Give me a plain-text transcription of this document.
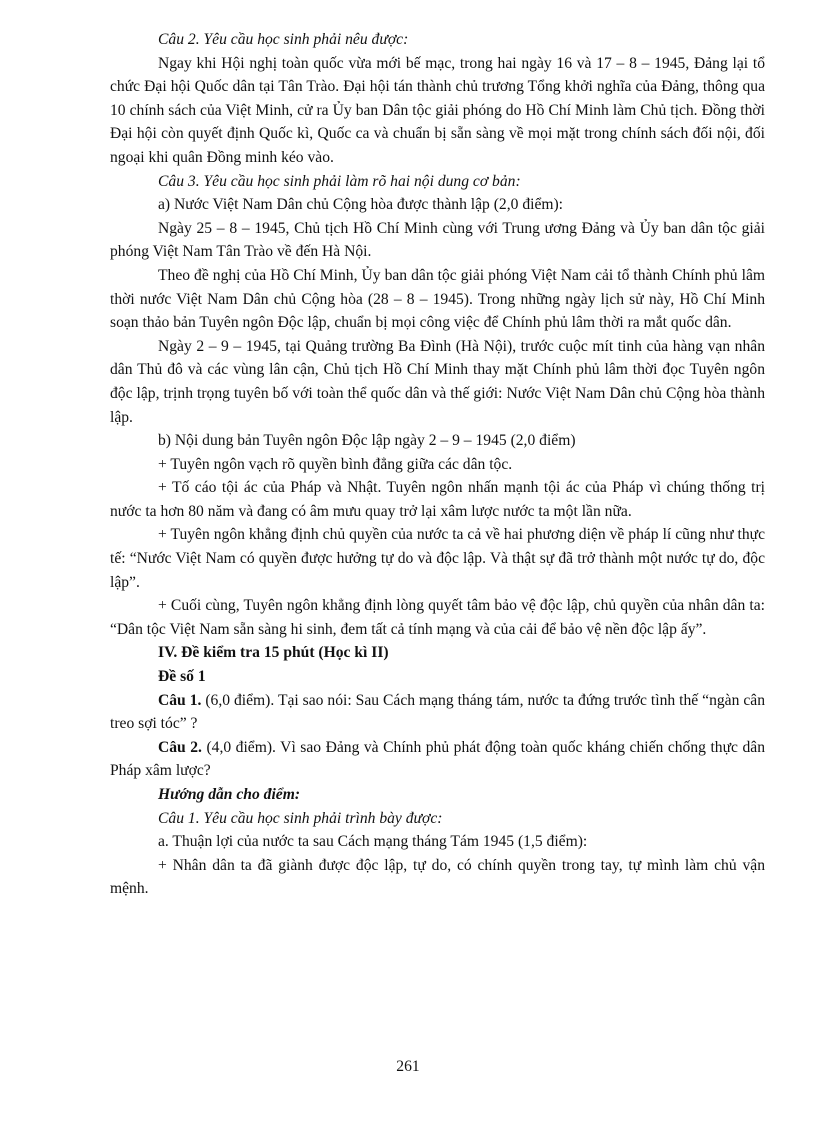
Câu 2. Yêu cầu học sinh phải nêu được:

Ngay khi Hội nghị toàn quốc vừa mới bế mạc, trong hai ngày 16 và 17 – 8 – 1945, Đảng lại tổ chức Đại hội Quốc dân tại Tân Trào. Đại hội tán thành chủ trương Tổng khởi nghĩa của Đảng, thông qua 10 chính sách của Việt Minh, cử ra Ủy ban Dân tộc giải phóng do Hồ Chí Minh làm Chủ tịch. Đồng thời Đại hội còn quyết định Quốc kì, Quốc ca và chuẩn bị sẵn sàng về mọi mặt trong chính sách đối nội, đối ngoại khi quân Đồng minh kéo vào.

Câu 3. Yêu cầu học sinh phải làm rõ hai nội dung cơ bản:

a) Nước Việt Nam Dân chủ Cộng hòa được thành lập (2,0 điểm):

Ngày 25 – 8 – 1945, Chủ tịch Hồ Chí Minh cùng với Trung ương Đảng và Ủy ban dân tộc giải phóng Việt Nam Tân Trào về đến Hà Nội.

Theo đề nghị của Hồ Chí Minh, Ủy ban dân tộc giải phóng Việt Nam cải tổ thành Chính phủ lâm thời nước Việt Nam Dân chủ Cộng hòa (28 – 8 – 1945). Trong những ngày lịch sử này, Hồ Chí Minh soạn thảo bản Tuyên ngôn Độc lập, chuẩn bị mọi công việc để Chính phủ lâm thời ra mắt quốc dân.

Ngày 2 – 9 – 1945, tại Quảng trường Ba Đình (Hà Nội), trước cuộc mít tinh của hàng vạn nhân dân Thủ đô và các vùng lân cận, Chủ tịch Hồ Chí Minh thay mặt Chính phủ lâm thời đọc Tuyên ngôn độc lập, trịnh trọng tuyên bố với toàn thể quốc dân và thế giới: Nước Việt Nam Dân chủ Cộng hòa thành lập.

b) Nội dung bản Tuyên ngôn Độc lập ngày 2 – 9 – 1945 (2,0 điểm)

+ Tuyên ngôn vạch rõ quyền bình đẳng giữa các dân tộc.

+ Tố cáo tội ác của Pháp và Nhật. Tuyên ngôn nhấn mạnh tội ác của Pháp vì chúng thống trị nước ta hơn 80 năm và đang có âm mưu quay trở lại xâm lược nước ta một lần nữa.

+ Tuyên ngôn khẳng định chủ quyền của nước ta cả về hai phương diện về pháp lí cũng như thực tế: “Nước Việt Nam có quyền được hưởng tự do và độc lập. Và thật sự đã trở thành một nước tự do, độc lập”.

+ Cuối cùng, Tuyên ngôn khẳng định lòng quyết tâm bảo vệ độc lập, chủ quyền của nhân dân ta: “Dân tộc Việt Nam sẵn sàng hi sinh, đem tất cả tính mạng và của cải để bảo vệ nền độc lập ấy”.

IV. Đề kiểm tra 15 phút (Học kì II)

Đề số 1

Câu 1. (6,0 điểm). Tại sao nói: Sau Cách mạng tháng tám, nước ta đứng trước tình thế “ngàn cân treo sợi tóc” ?

Câu 2. (4,0 điểm). Vì sao Đảng và Chính phủ phát động toàn quốc kháng chiến chống thực dân Pháp xâm lược?

Hướng dẫn cho điểm:

Câu 1. Yêu cầu học sinh phải trình bày được:

a. Thuận lợi của nước ta sau Cách mạng tháng Tám 1945 (1,5 điểm):

+ Nhân dân ta đã giành được độc lập, tự do, có chính quyền trong tay, tự mình làm chủ vận mệnh.

261
